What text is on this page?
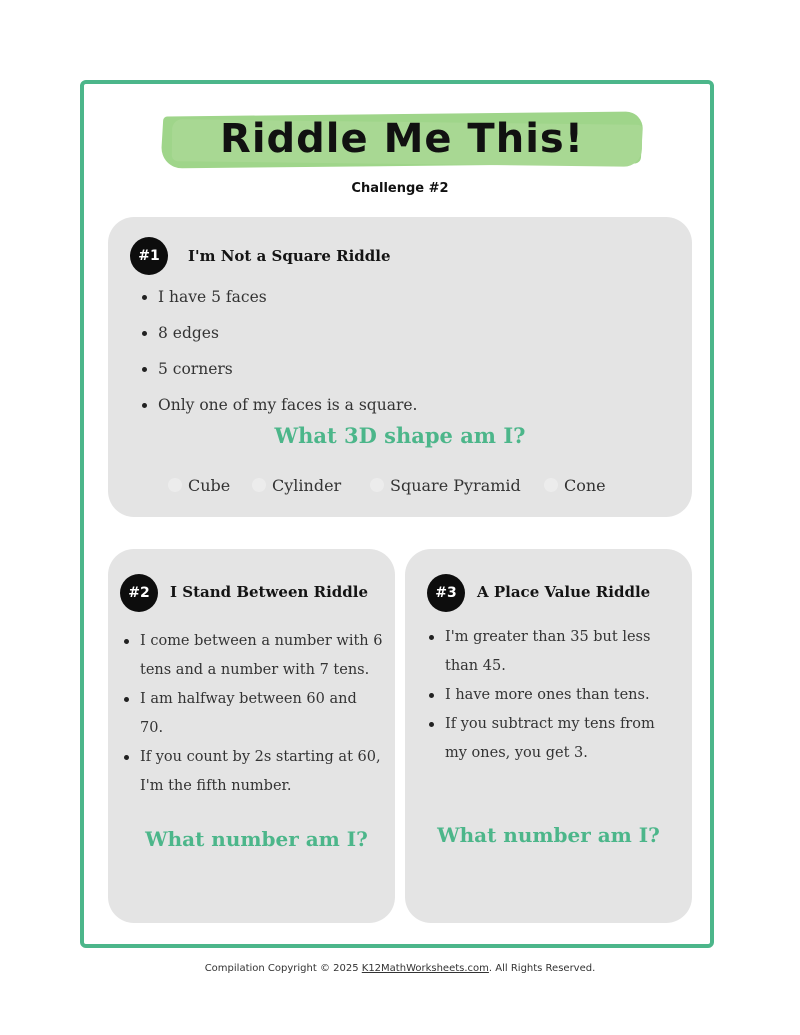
Riddle Me This!
Challenge #2
#1	I'm Not a Square Riddle
I have 5 faces
8 edges
5 corners
Only one of my faces is a square.
What 3D shape am I?
Cube	Cylinder	Square Pyramid	Cone
#2	I Stand Between Riddle
I come between a number with 6 tens and a number with 7 tens.
I am halfway between 60 and 70.
If you count by 2s starting at 60, I'm the fifth number.
What number am I?
#3	A Place Value Riddle
I'm greater than 35 but less than 45.
I have more ones than tens.
If you subtract my tens from my ones, you get 3.
What number am I?
Compilation Copyright © 2025 K12MathWorksheets.com. All Rights Reserved.
